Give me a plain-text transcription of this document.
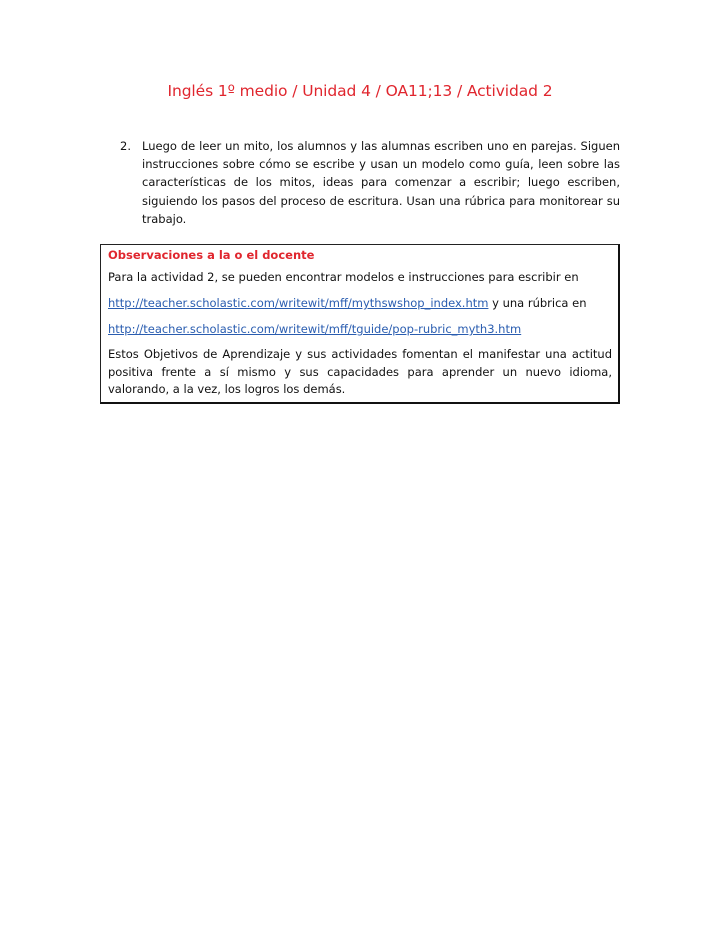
Inglés 1º medio / Unidad 4 / OA11;13 / Actividad 2
2. Luego de leer un mito, los alumnos y las alumnas escriben uno en parejas. Siguen instrucciones sobre cómo se escribe y usan un modelo como guía, leen sobre las características de los mitos, ideas para comenzar a escribir; luego escriben, siguiendo los pasos del proceso de escritura. Usan una rúbrica para monitorear su trabajo.
Observaciones a la o el docente
Para la actividad 2, se pueden encontrar modelos e instrucciones para escribir en
http://teacher.scholastic.com/writewit/mff/mythswshop_index.htm y una rúbrica en
http://teacher.scholastic.com/writewit/mff/tguide/pop-rubric_myth3.htm
Estos Objetivos de Aprendizaje y sus actividades fomentan el manifestar una actitud positiva frente a sí mismo y sus capacidades para aprender un nuevo idioma, valorando, a la vez, los logros los demás.
